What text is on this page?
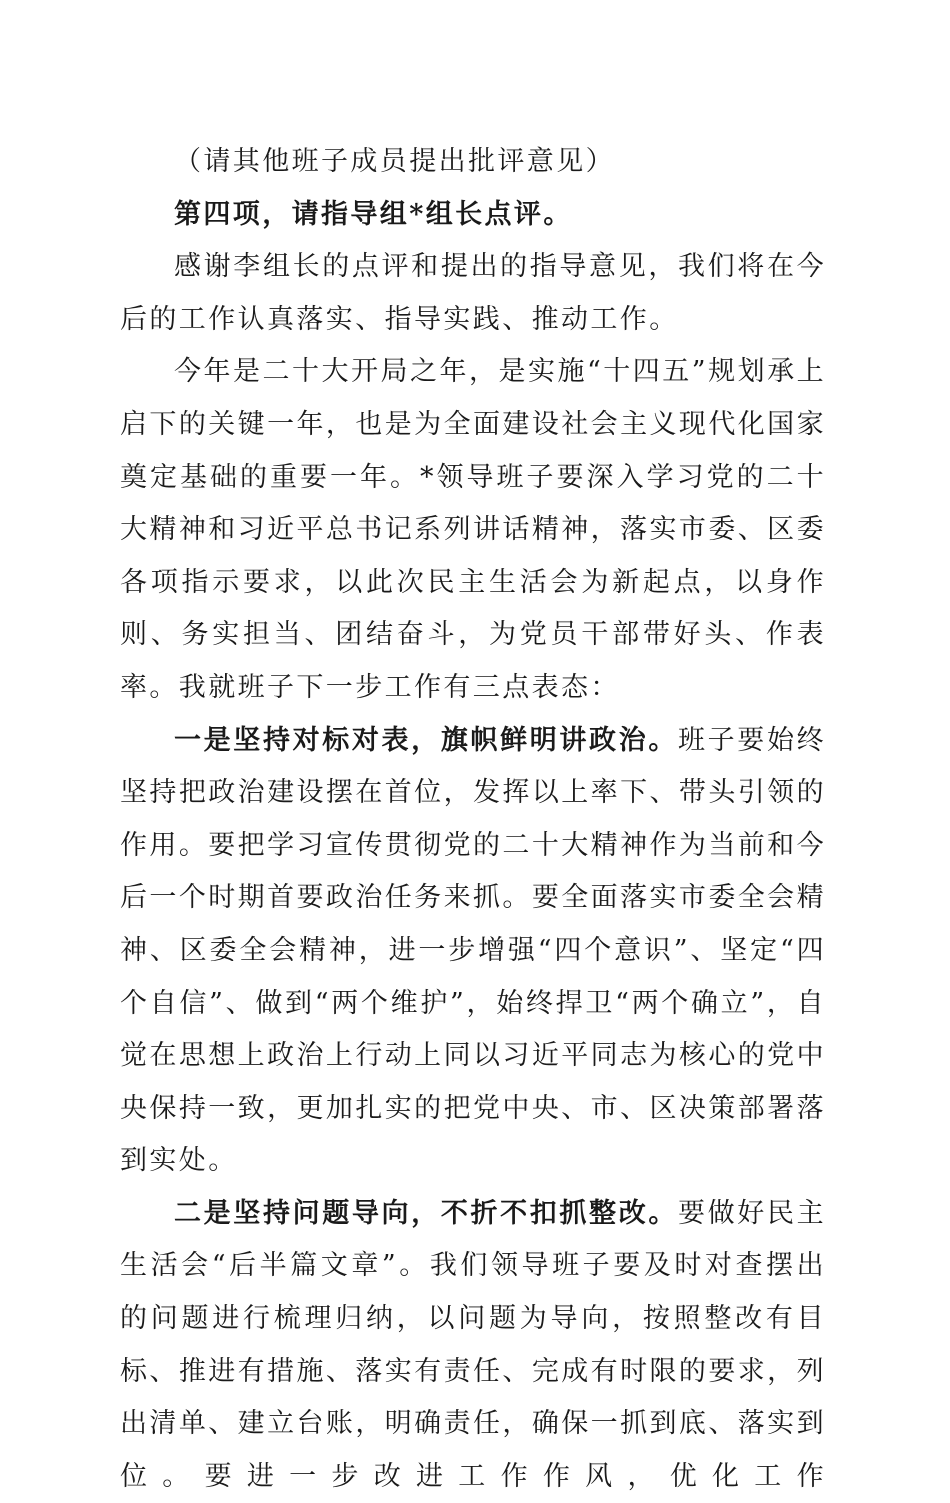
（请其他班子成员提出批评意见）

第四项，请指导组*组长点评。

感谢李组长的点评和提出的指导意见，我们将在今后的工作认真落实、指导实践、推动工作。

今年是二十大开局之年，是实施“十四五”规划承上启下的关键一年，也是为全面建设社会主义现代化国家奠定基础的重要一年。*领导班子要深入学习党的二十大精神和习近平总书记系列讲话精神，落实市委、区委各项指示要求，以此次民主生活会为新起点，以身作则、务实担当、团结奋斗，为党员干部带好头、作表率。我就班子下一步工作有三点表态：

一是坚持对标对表，旗帜鲜明讲政治。班子要始终坚持把政治建设摆在首位，发挥以上率下、带头引领的作用。要把学习宣传贯彻党的二十大精神作为当前和今后一个时期首要政治任务来抓。要全面落实市委全会精神、区委全会精神，进一步增强“四个意识”、坚定“四个自信”、做到“两个维护”，始终捍卫“两个确立”，自觉在思想上政治上行动上同以习近平同志为核心的党中央保持一致，更加扎实的把党中央、市、区决策部署落到实处。

二是坚持问题导向，不折不扣抓整改。要做好民主生活会“后半篇文章”。我们领导班子要及时对查摆出的问题进行梳理归纳，以问题为导向，按照整改有目标、推进有措施、落实有责任、完成有时限的要求，列出清单、建立台账，明确责任，确保一抓到底、落实到位。要进一步改进工作作风，优化工作
